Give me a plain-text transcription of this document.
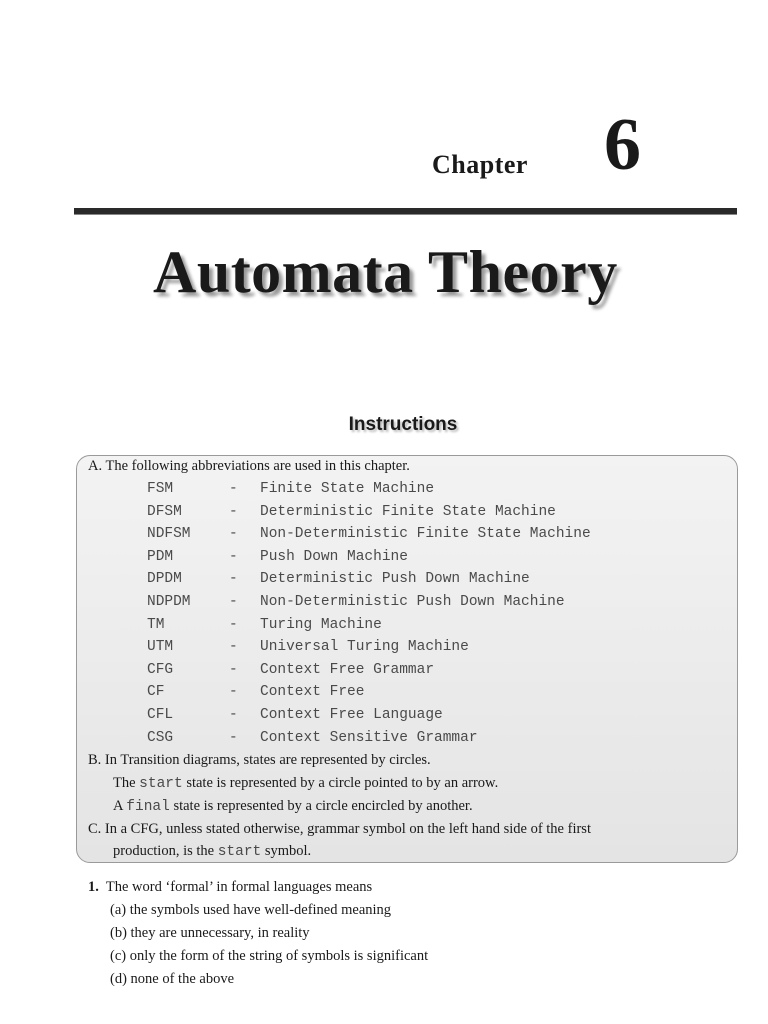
Chapter 6
Automata Theory
Instructions
A. The following abbreviations are used in this chapter.
FSM	- Finite State Machine
DFSM	- Deterministic Finite State Machine
NDFSM	- Non-Deterministic Finite State Machine
PDM	- Push Down Machine
DPDM	- Deterministic Push Down Machine
NDPDM	- Non-Deterministic Push Down Machine
TM	- Turing Machine
UTM	- Universal Turing Machine
CFG	- Context Free Grammar
CF	- Context Free
CFL	- Context Free Language
CSG	- Context Sensitive Grammar
B. In Transition diagrams, states are represented by circles.
The start state is represented by a circle pointed to by an arrow.
A final state is represented by a circle encircled by another.
C. In a CFG, unless stated otherwise, grammar symbol on the left hand side of the first
production, is the start symbol.
1. The word ‘formal’ in formal languages means
(a) the symbols used have well-defined meaning
(b) they are unnecessary, in reality
(c) only the form of the string of symbols is significant
(d) none of the above
